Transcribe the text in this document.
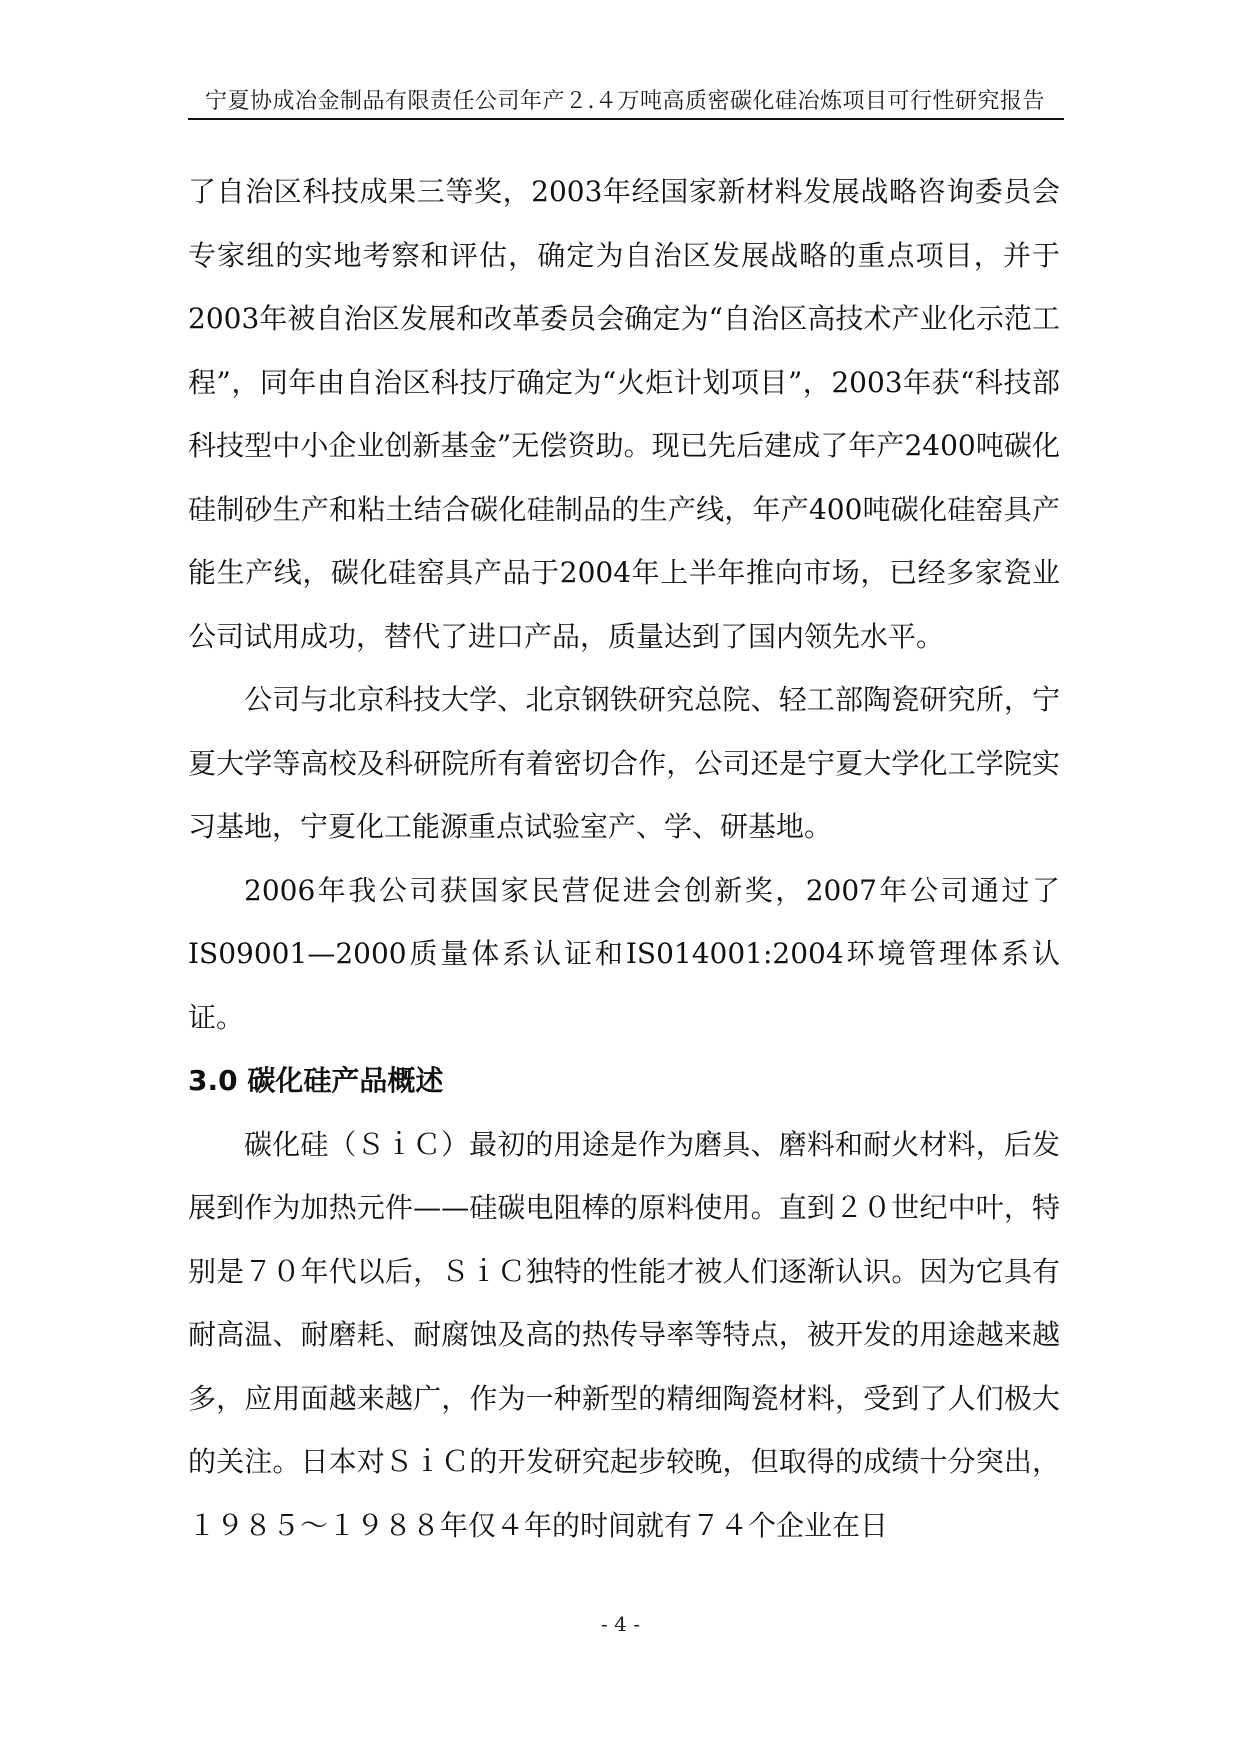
宁夏协成冶金制品有限责任公司年产２.４万吨高质密碳化硅冶炼项目可行性研究报告

了自治区科技成果三等奖，2003年经国家新材料发展战略咨询委员会专家组的实地考察和评估，确定为自治区发展战略的重点项目，并于2003年被自治区发展和改革委员会确定为“自治区高技术产业化示范工程”，同年由自治区科技厅确定为“火炬计划项目”，2003年获“科技部科技型中小企业创新基金”无偿资助。现已先后建成了年产2400吨碳化硅制砂生产和粘土结合碳化硅制品的生产线，年产400吨碳化硅窑具产能生产线，碳化硅窑具产品于2004年上半年推向市场，已经多家瓷业公司试用成功，替代了进口产品，质量达到了国内领先水平。

公司与北京科技大学、北京钢铁研究总院、轻工部陶瓷研究所，宁夏大学等高校及科研院所有着密切合作，公司还是宁夏大学化工学院实习基地，宁夏化工能源重点试验室产、学、研基地。

2006年我公司获国家民营促进会创新奖，2007年公司通过了IS09001—2000质量体系认证和IS014001:2004环境管理体系认证。

3.0 碳化硅产品概述

碳化硅（ＳｉＣ）最初的用途是作为磨具、磨料和耐火材料，后发展到作为加热元件——硅碳电阻棒的原料使用。直到２０世纪中叶，特别是７０年代以后，ＳｉＣ独特的性能才被人们逐渐认识。因为它具有耐高温、耐磨耗、耐腐蚀及高的热传导率等特点，被开发的用途越来越多，应用面越来越广，作为一种新型的精细陶瓷材料，受到了人们极大的关注。日本对ＳｉＣ的开发研究起步较晚，但取得的成绩十分突出，１９８５～１９８８年仅４年的时间就有７４个企业在日

- 4 -
